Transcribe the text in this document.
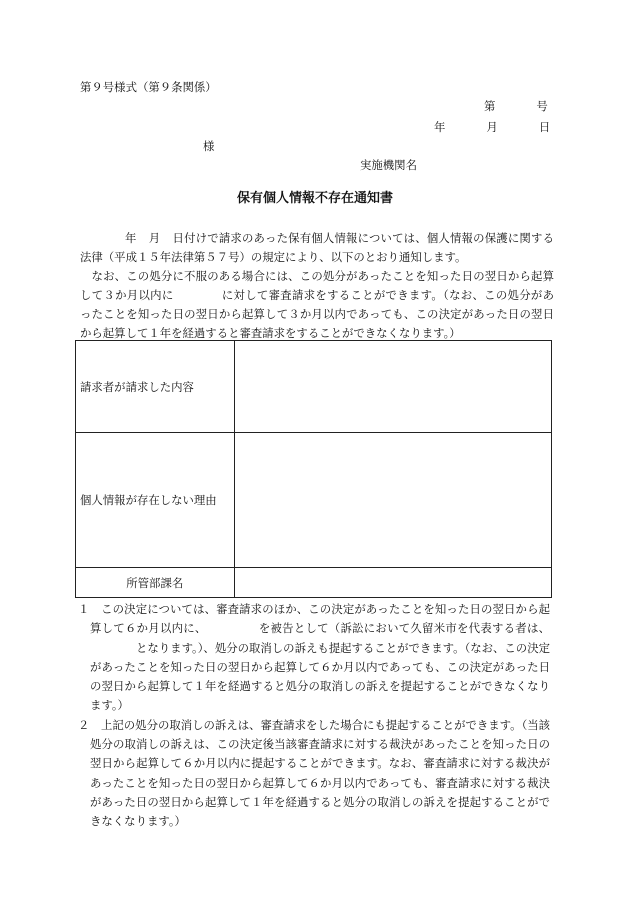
第９号様式（第９条関係）
第	号
年	月	日
様
実施機関名
保有個人情報不存在通知書

年 月 日付けで請求のあった保有個人情報については、個人情報の保護に関する法律（平成１５年法律第５７号）の規定により、以下のとおり通知します。

なお、この処分に不服のある場合には、この処分があったことを知った日の翌日から起算して３か月以内に	に対して審査請求をすることができます。（なお、この処分があったことを知った日の翌日から起算して３か月以内であっても、この決定があった日の翌日から起算して１年を経過すると審査請求をすることができなくなります。）

請求者が請求した内容	
個人情報が存在しない理由	
所管部課名	

１ この決定については、審査請求のほか、この決定があったことを知った日の翌日から起算して６か月以内に、	を被告として（訴訟において久留米市を代表する者は、となります。）、処分の取消しの訴えも提起することができます。（なお、この決定があったことを知った日の翌日から起算して６か月以内であっても、この決定があった日の翌日から起算して１年を経過すると処分の取消しの訴えを提起することができなくなります。）

２ 上記の処分の取消しの訴えは、審査請求をした場合にも提起することができます。（当該処分の取消しの訴えは、この決定後当該審査請求に対する裁決があったことを知った日の翌日から起算して６か月以内に提起することができます。なお、審査請求に対する裁決があったことを知った日の翌日から起算して６か月以内であっても、審査請求に対する裁決があった日の翌日から起算して１年を経過すると処分の取消しの訴えを提起することができなくなります。）
